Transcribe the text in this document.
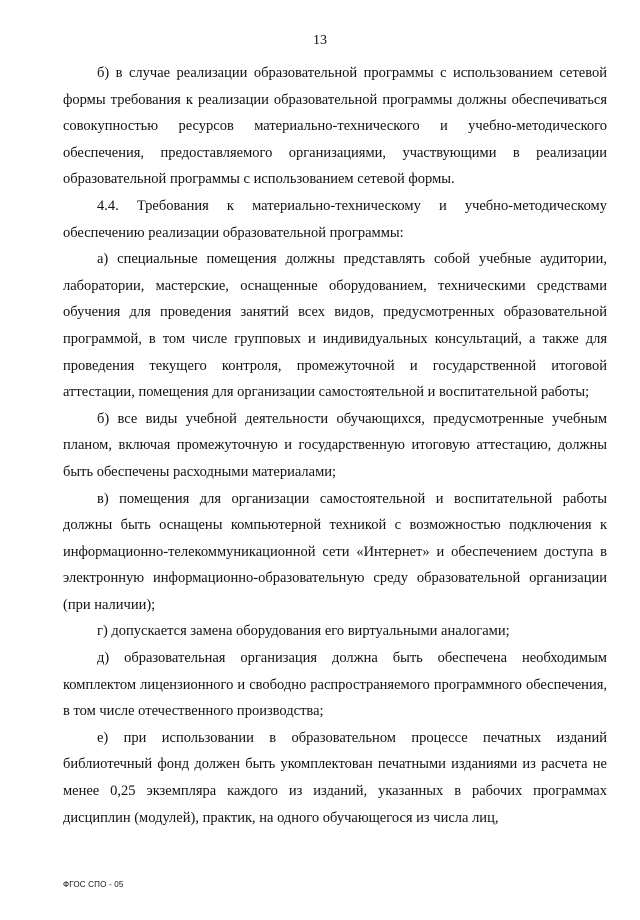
13

б) в случае реализации образовательной программы с использованием сетевой формы требования к реализации образовательной программы должны обеспечиваться совокупностью ресурсов материально-технического и учебно-методического обеспечения, предоставляемого организациями, участвующими в реализации образовательной программы с использованием сетевой формы.

4.4. Требования к материально-техническому и учебно-методическому обеспечению реализации образовательной программы:

а) специальные помещения должны представлять собой учебные аудитории, лаборатории, мастерские, оснащенные оборудованием, техническими средствами обучения для проведения занятий всех видов, предусмотренных образовательной программой, в том числе групповых и индивидуальных консультаций, а также для проведения текущего контроля, промежуточной и государственной итоговой аттестации, помещения для организации самостоятельной и воспитательной работы;

б) все виды учебной деятельности обучающихся, предусмотренные учебным планом, включая промежуточную и государственную итоговую аттестацию, должны быть обеспечены расходными материалами;

в) помещения для организации самостоятельной и воспитательной работы должны быть оснащены компьютерной техникой с возможностью подключения к информационно-телекоммуникационной сети «Интернет» и обеспечением доступа в электронную информационно-образовательную среду образовательной организации (при наличии);

г) допускается замена оборудования его виртуальными аналогами;

д) образовательная организация должна быть обеспечена необходимым комплектом лицензионного и свободно распространяемого программного обеспечения, в том числе отечественного производства;

е) при использовании в образовательном процессе печатных изданий библиотечный фонд должен быть укомплектован печатными изданиями из расчета не менее 0,25 экземпляра каждого из изданий, указанных в рабочих программах дисциплин (модулей), практик, на одного обучающегося из числа лиц,

ФГОС СПО - 05
